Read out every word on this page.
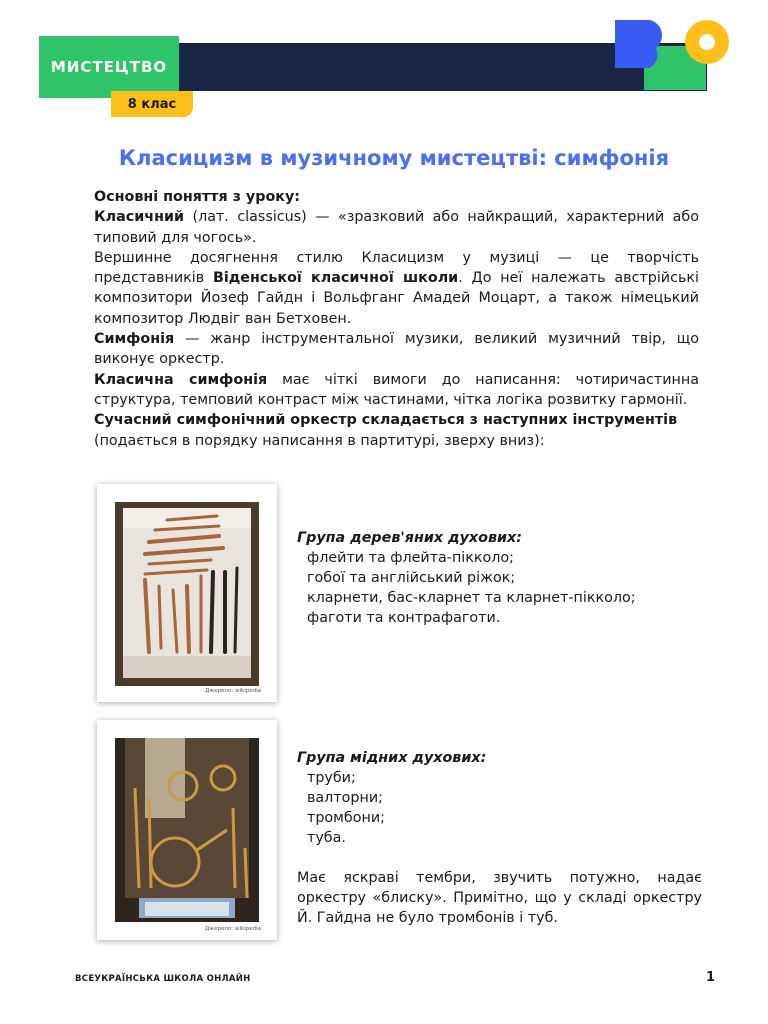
МИСТЕЦТВО
8 клас
Класицизм в музичному мистецтві: симфонія

Основні поняття з уроку:

Класичний (лат. classicus) — «зразковий або найкращий, характерний або типовий для чогось».

Вершинне досягнення стилю Класицизм у музиці — це творчість представників Віденської класичної школи. До неї належать австрійські композитори Йозеф Гайдн і Вольфганг Амадей Моцарт, а також німецький композитор Людвіг ван Бетховен.

Симфонія — жанр інструментальної музики, великий музичний твір, що виконує оркестр.

Класична симфонія має чіткі вимоги до написання: чотиричастинна структура, темповий контраст між частинами, чітка логіка розвитку гармонії.

Сучасний симфонічний оркестр складається з наступних інструментів (подається в порядку написання в партитурі, зверху вниз):

Джерело: wikipedia
Джерело: wikipedia
Група дерев'яних духових:
флейти та флейта-пікколо;
гобої та англійський ріжок;
кларнети, бас-кларнет та кларнет-пікколо;
фаготи та контрафаготи.
Група мідних духових:
труби;
валторни;
тромбони;
туба.
Має яскраві тембри, звучить потужно, надає оркестру «блиску». Примітно, що у складі оркестру Й. Гайдна не було тромбонів і туб.
ВСЕУКРАЇНСЬКА ШКОЛА ОНЛАЙН	1
